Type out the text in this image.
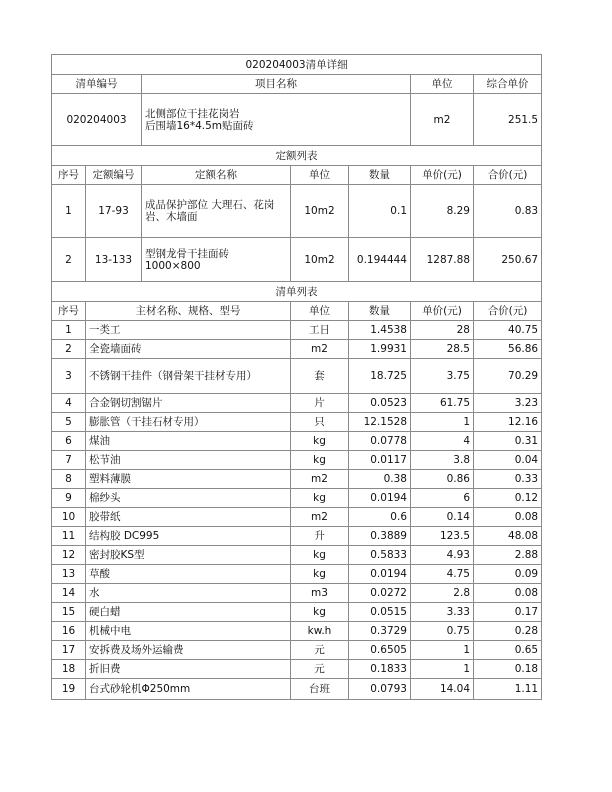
020204003清单详细						
清单编号		项目名称			单位	综合单价
020204003		北侧部位干挂花岗岩
后围墙16*4.5m贴面砖			m2	251.5
定额列表						
序号	定额编号	定额名称	单位	数量	单价(元)	合价(元)
1	17-93	成品保护部位 大理石、花岗
岩、木墙面	10m2	0.1	8.29	0.83
2	13-133	型钢龙骨干挂面砖
1000×800	10m2	0.194444	1287.88	250.67
清单列表						
序号	主材名称、规格、型号		单位	数量	单价(元)	合价(元)
1	一类工		工日	1.4538	28	40.75
2	全瓷墙面砖		m2	1.9931	28.5	56.86
3	不锈钢干挂件（钢骨架干挂材专用）		套	18.725	3.75	70.29
4	合金钢切割锯片		片	0.0523	61.75	3.23
5	膨胀管（干挂石材专用）		只	12.1528	1	12.16
6	煤油		kg	0.0778	4	0.31
7	松节油		kg	0.0117	3.8	0.04
8	塑料薄膜		m2	0.38	0.86	0.33
9	棉纱头		kg	0.0194	6	0.12
10	胶带纸		m2	0.6	0.14	0.08
11	结构胶 DC995		升	0.3889	123.5	48.08
12	密封胶KS型		kg	0.5833	4.93	2.88
13	草酸		kg	0.0194	4.75	0.09
14	水		m3	0.0272	2.8	0.08
15	硬白蜡		kg	0.0515	3.33	0.17
16	机械中电		kw.h	0.3729	0.75	0.28
17	安拆费及场外运输费		元	0.6505	1	0.65
18	折旧费		元	0.1833	1	0.18
19	台式砂轮机Φ250mm		台班	0.0793	14.04	1.11
